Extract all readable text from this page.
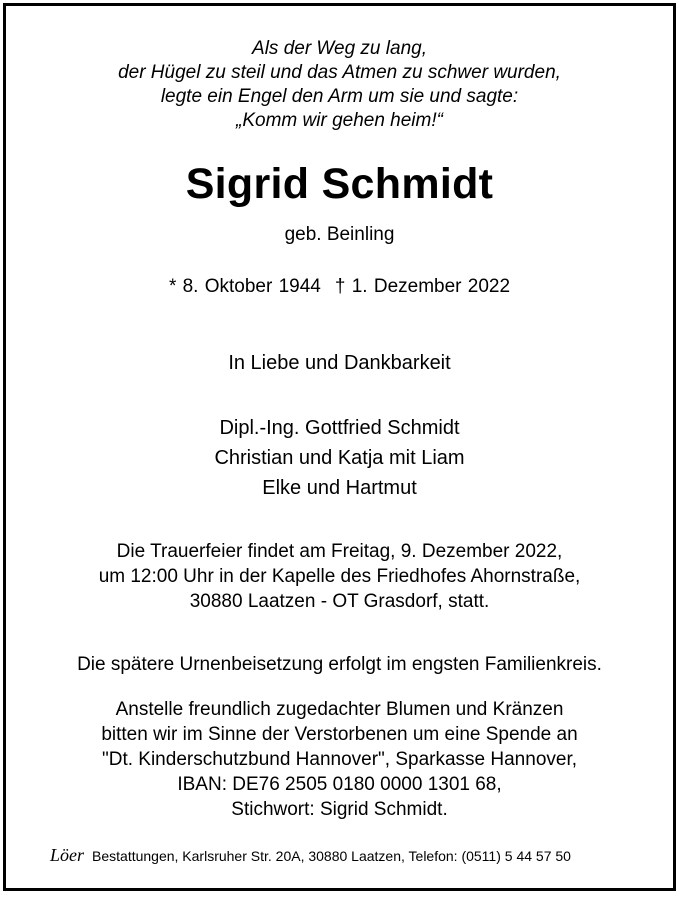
Als der Weg zu lang,
der Hügel zu steil und das Atmen zu schwer wurden,
legte ein Engel den Arm um sie und sagte:
„Komm wir gehen heim!“
Sigrid Schmidt
geb. Beinling
* 8. Oktober 1944 † 1. Dezember 2022
In Liebe und Dankbarkeit
Dipl.-Ing. Gottfried Schmidt
Christian und Katja mit Liam
Elke und Hartmut
Die Trauerfeier findet am Freitag, 9. Dezember 2022,
um 12:00 Uhr in der Kapelle des Friedhofes Ahornstraße,
30880 Laatzen - OT Grasdorf, statt.
Die spätere Urnenbeisetzung erfolgt im engsten Familienkreis.
Anstelle freundlich zugedachter Blumen und Kränzen
bitten wir im Sinne der Verstorbenen um eine Spende an
"Dt. Kinderschutzbund Hannover", Sparkasse Hannover,
IBAN: DE76 2505 0180 0000 1301 68,
Stichwort: Sigrid Schmidt.
Löer Bestattungen, Karlsruher Str. 20A, 30880 Laatzen, Telefon: (0511) 5 44 57 50
